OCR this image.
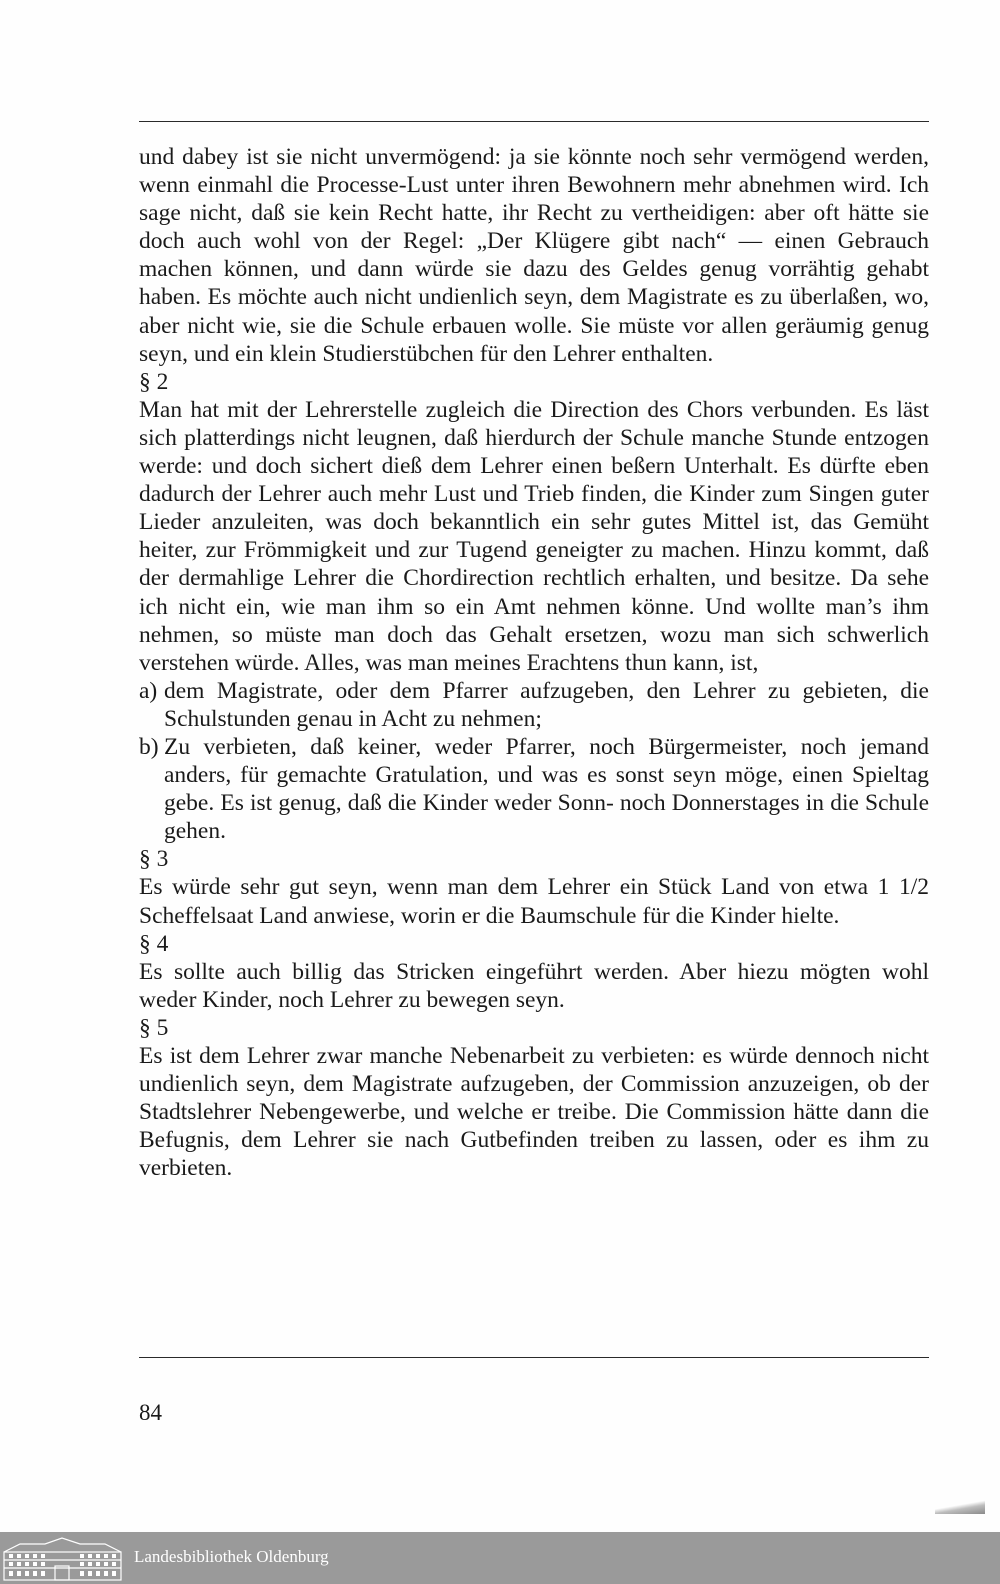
und dabey ist sie nicht unvermögend: ja sie könnte noch sehr vermögend werden, wenn einmahl die Processe-Lust unter ihren Bewohnern mehr abnehmen wird. Ich sage nicht, daß sie kein Recht hatte, ihr Recht zu vertheidigen: aber oft hätte sie doch auch wohl von der Regel: „Der Klügere gibt nach“ — einen Gebrauch machen können, und dann würde sie dazu des Geldes genug vorrähtig gehabt haben. Es möchte auch nicht undienlich seyn, dem Magistrate es zu überlaßen, wo, aber nicht wie, sie die Schule erbauen wolle. Sie müste vor allen geräumig genug seyn, und ein klein Studierstübchen für den Lehrer enthalten.

§ 2

Man hat mit der Lehrerstelle zugleich die Direction des Chors verbunden. Es läst sich platterdings nicht leugnen, daß hierdurch der Schule manche Stunde entzogen werde: und doch sichert dieß dem Lehrer einen beßern Unterhalt. Es dürfte eben dadurch der Lehrer auch mehr Lust und Trieb finden, die Kinder zum Singen guter Lieder anzuleiten, was doch bekanntlich ein sehr gutes Mittel ist, das Gemüht heiter, zur Frömmigkeit und zur Tugend geneigter zu machen. Hinzu kommt, daß der dermahlige Lehrer die Chordirection rechtlich erhalten, und besitze. Da sehe ich nicht ein, wie man ihm so ein Amt nehmen könne. Und wollte man’s ihm nehmen, so müste man doch das Gehalt ersetzen, wozu man sich schwerlich verstehen würde. Alles, was man meines Erachtens thun kann, ist,

a) dem Magistrate, oder dem Pfarrer aufzugeben, den Lehrer zu gebieten, die Schulstunden genau in Acht zu nehmen;
b) Zu verbieten, daß keiner, weder Pfarrer, noch Bürgermeister, noch jemand anders, für gemachte Gratulation, und was es sonst seyn möge, einen Spieltag gebe. Es ist genug, daß die Kinder weder Sonn- noch Donnerstages in die Schule gehen.

§ 3

Es würde sehr gut seyn, wenn man dem Lehrer ein Stück Land von etwa 1 1/2 Scheffelsaat Land anwiese, worin er die Baumschule für die Kinder hielte.

§ 4

Es sollte auch billig das Stricken eingeführt werden. Aber hiezu mögten wohl weder Kinder, noch Lehrer zu bewegen seyn.

§ 5

Es ist dem Lehrer zwar manche Nebenarbeit zu verbieten: es würde dennoch nicht undienlich seyn, dem Magistrate aufzugeben, der Commission anzuzeigen, ob der Stadtslehrer Nebengewerbe, und welche er treibe. Die Commission hätte dann die Befugnis, dem Lehrer sie nach Gutbefinden treiben zu lassen, oder es ihm zu verbieten.

84
Landesbibliothek Oldenburg
